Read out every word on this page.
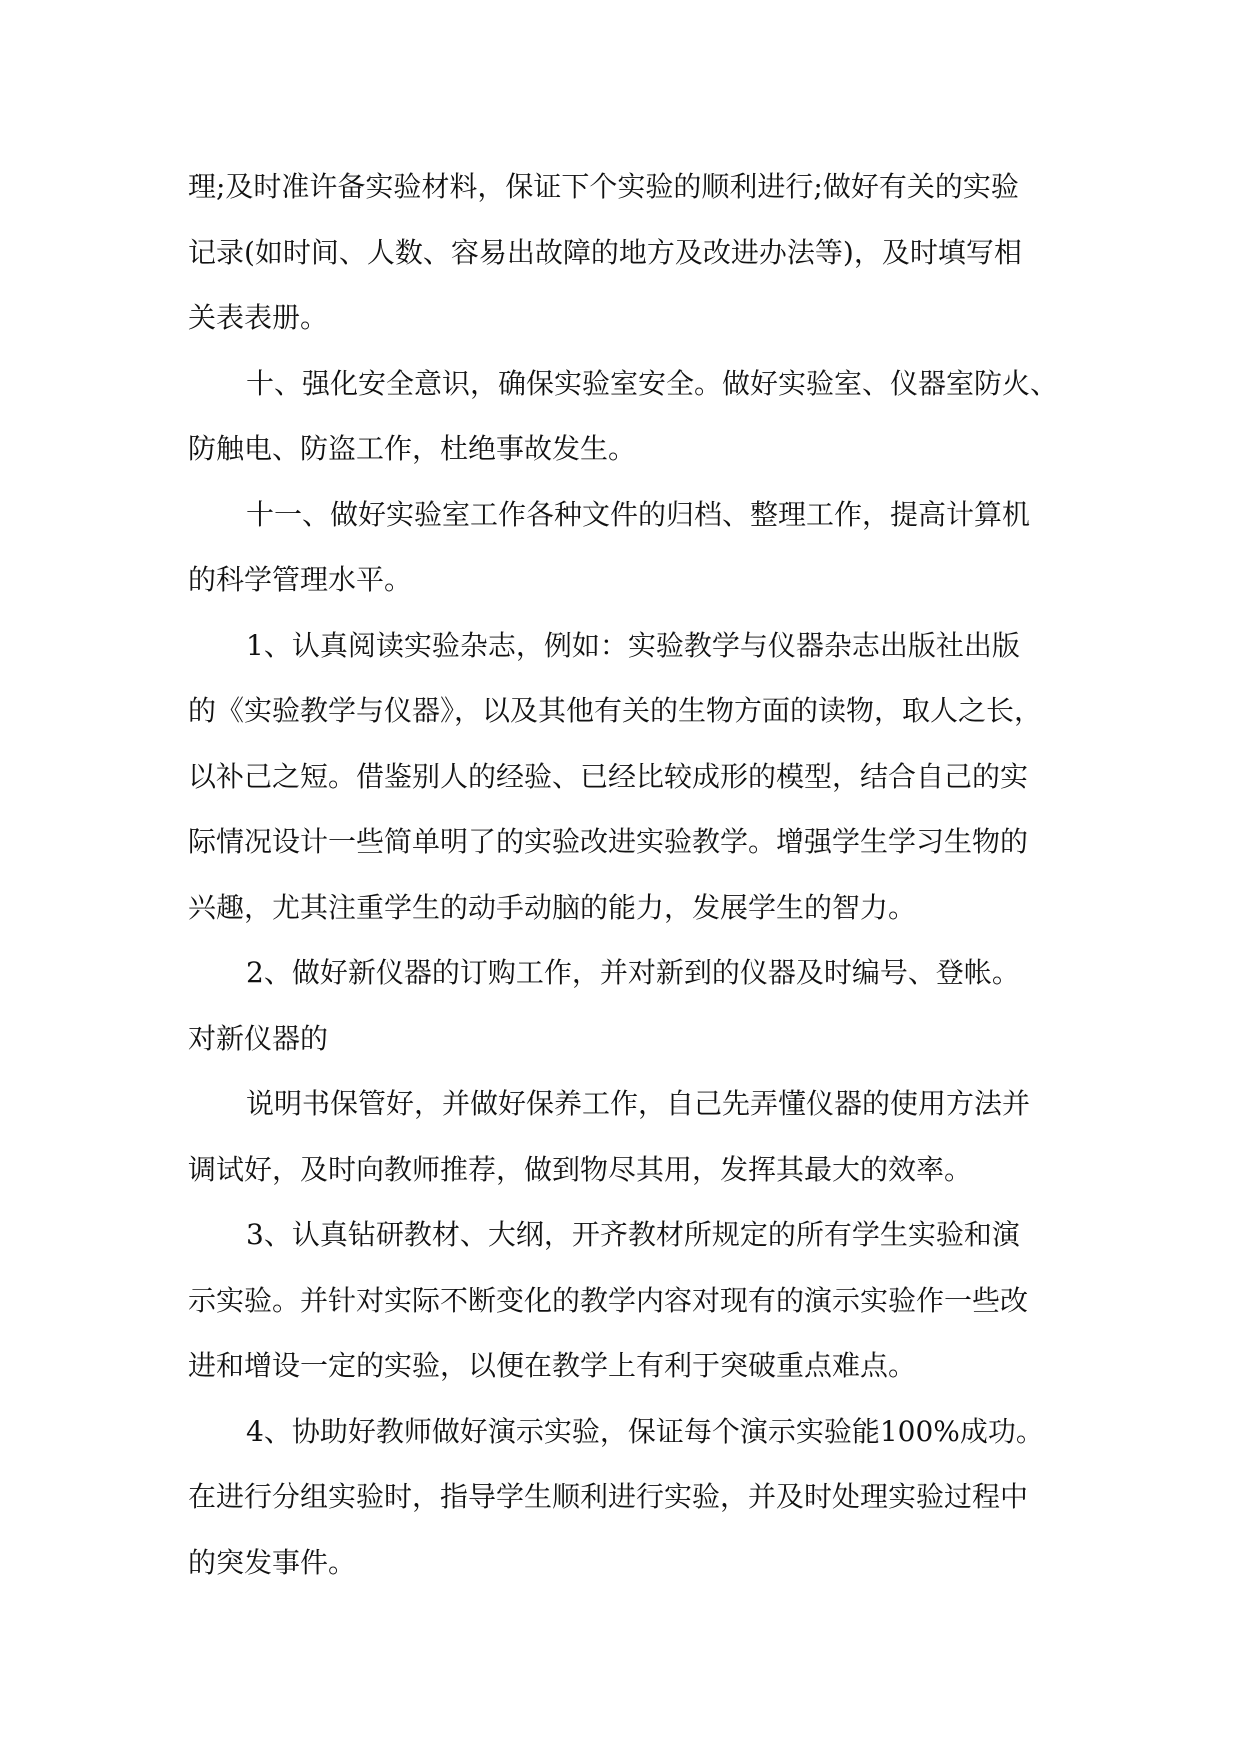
理;及时准许备实验材料，保证下个实验的顺利进行;做好有关的实验
记录(如时间、人数、容易出故障的地方及改进办法等)，及时填写相
关表表册。
十、强化安全意识，确保实验室安全。做好实验室、仪器室防火、
防触电、防盗工作，杜绝事故发生。
十一、做好实验室工作各种文件的归档、整理工作，提高计算机
的科学管理水平。
1、认真阅读实验杂志，例如：实验教学与仪器杂志出版社出版
的《实验教学与仪器》，以及其他有关的生物方面的读物，取人之长，
以补己之短。借鉴别人的经验、已经比较成形的模型，结合自己的实
际情况设计一些简单明了的实验改进实验教学。增强学生学习生物的
兴趣，尤其注重学生的动手动脑的能力，发展学生的智力。
2、做好新仪器的订购工作，并对新到的仪器及时编号、登帐。
对新仪器的
说明书保管好，并做好保养工作，自己先弄懂仪器的使用方法并
调试好，及时向教师推荐，做到物尽其用，发挥其最大的效率。
3、认真钻研教材、大纲，开齐教材所规定的所有学生实验和演
示实验。并针对实际不断变化的教学内容对现有的演示实验作一些改
进和增设一定的实验，以便在教学上有利于突破重点难点。
4、协助好教师做好演示实验，保证每个演示实验能100%成功。
在进行分组实验时，指导学生顺利进行实验，并及时处理实验过程中
的突发事件。
